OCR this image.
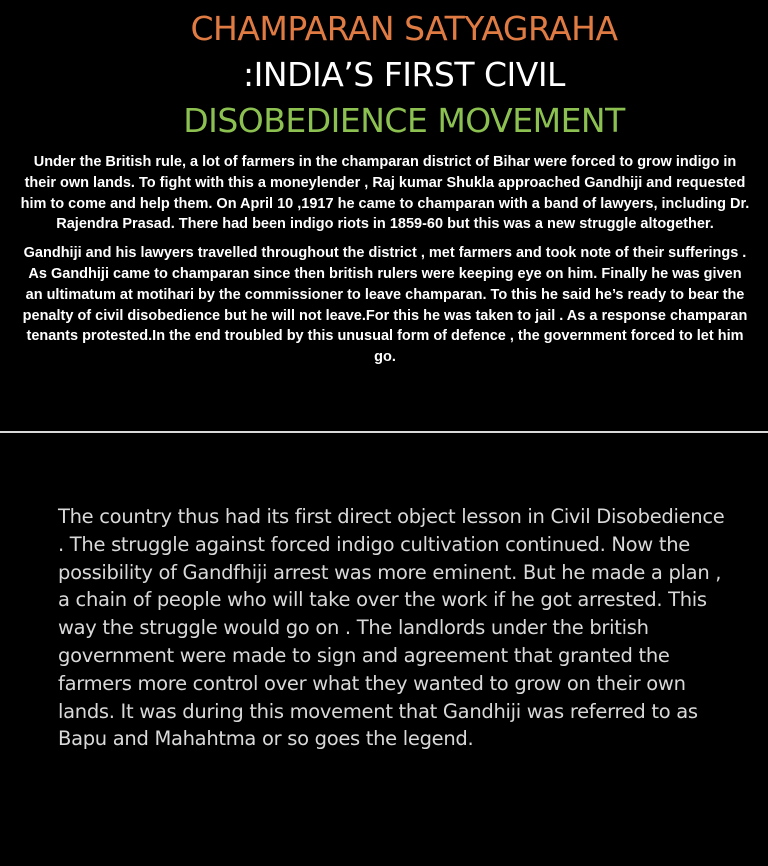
CHAMPARAN SATYAGRAHA
:INDIA’S FIRST CIVIL
DISOBEDIENCE MOVEMENT

Under the British rule, a lot of farmers in the champaran district of Bihar were forced to grow indigo in their own lands. To fight with this a moneylender , Raj kumar Shukla approached Gandhiji and requested him to come and help them. On April 10 ,1917 he came to champaran with a band of lawyers, including Dr. Rajendra Prasad. There had been indigo riots in 1859-60 but this was a new struggle altogether.

Gandhiji and his lawyers travelled throughout the district , met farmers and took note of their sufferings . As Gandhiji came to champaran since then british rulers were keeping eye on him. Finally he was given an ultimatum at motihari by the commissioner to leave champaran. To this he said he’s ready to bear the penalty of civil disobedience but he will not leave.For this he was taken to jail . As a response champaran tenants protested.In the end troubled by this unusual form of defence , the government forced to let him go.

The country thus had its first direct object lesson in Civil Disobedience . The struggle against forced indigo cultivation continued. Now the possibility of Gandfhiji arrest was more eminent. But he made a plan , a chain of people who will take over the work if he got arrested. This way the struggle would go on . The landlords under the british government were made to sign and agreement that granted the farmers more control over what they wanted to grow on their own lands. It was during this movement that Gandhiji was referred to as Bapu and Mahahtma or so goes the legend.
